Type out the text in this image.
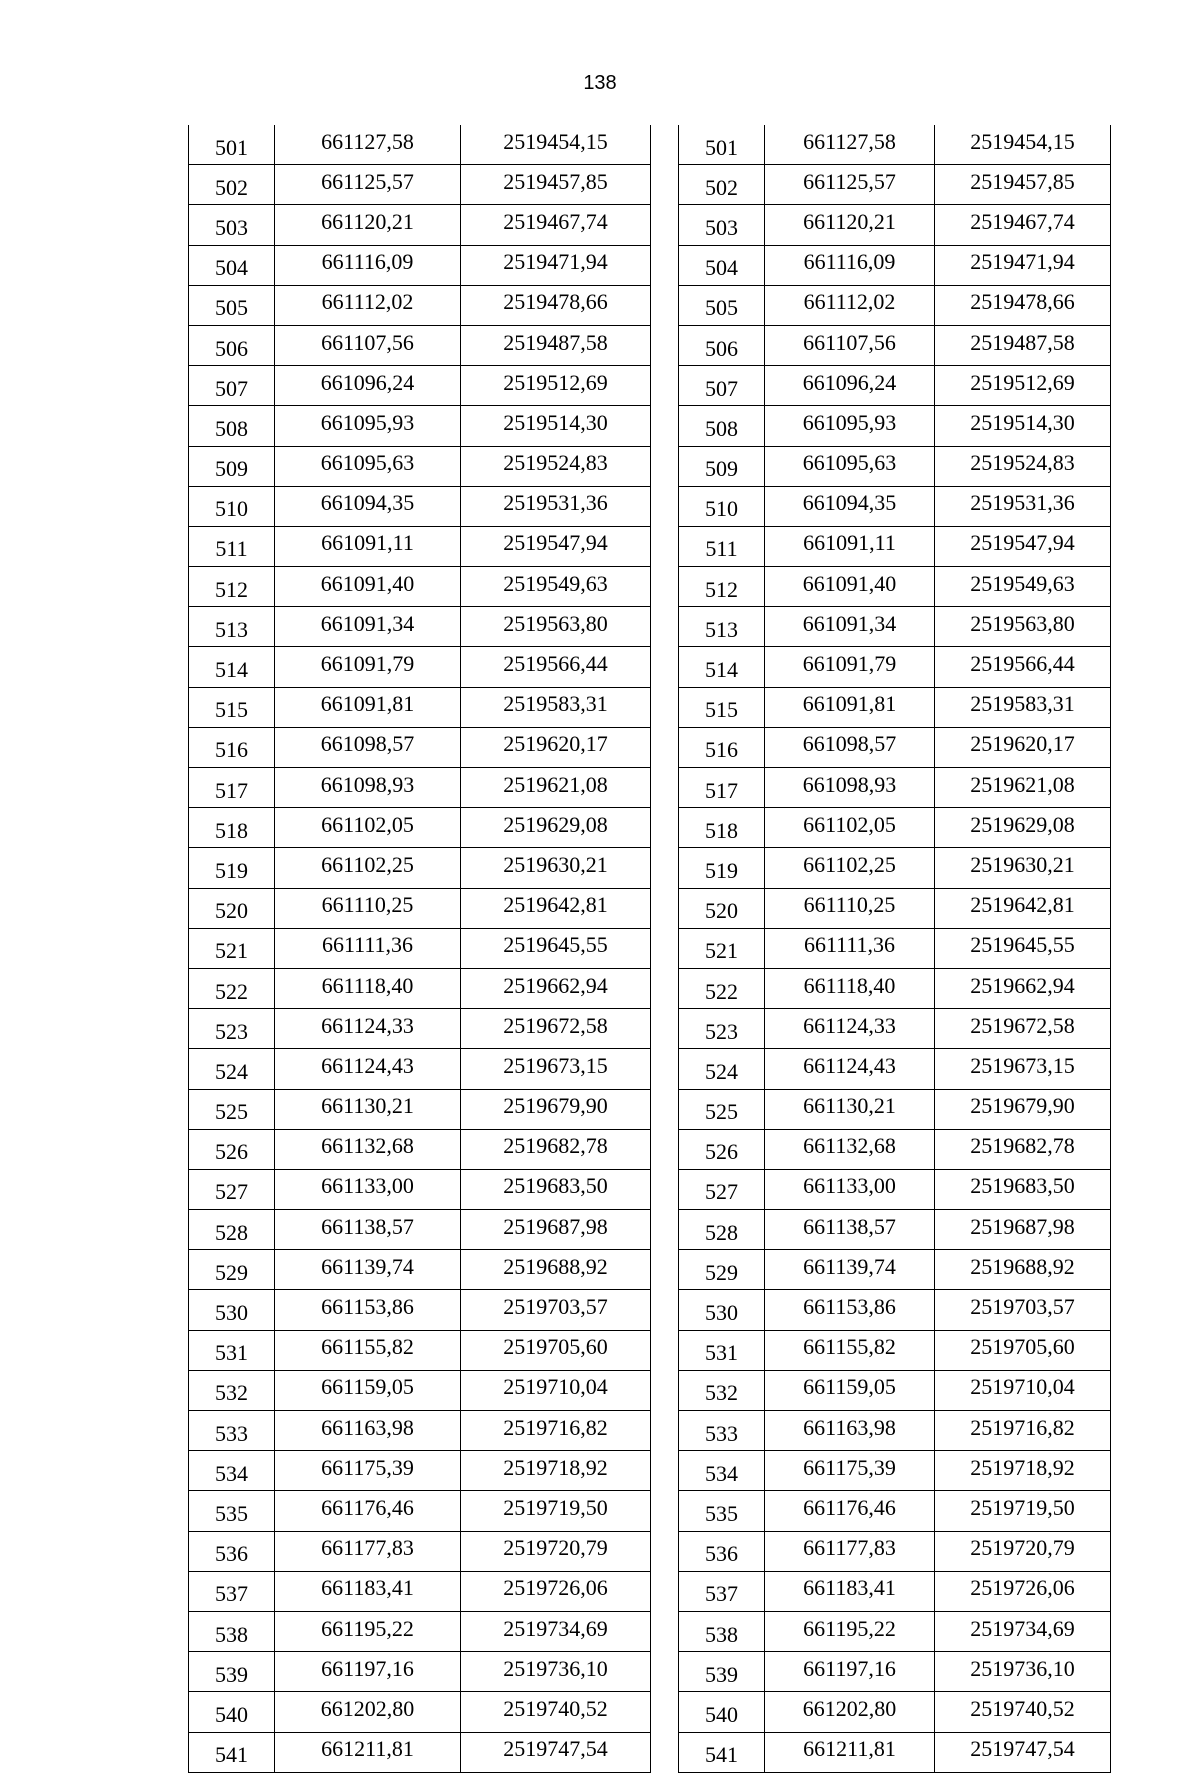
138
501	661127,58	2519454,15
502	661125,57	2519457,85
503	661120,21	2519467,74
504	661116,09	2519471,94
505	661112,02	2519478,66
506	661107,56	2519487,58
507	661096,24	2519512,69
508	661095,93	2519514,30
509	661095,63	2519524,83
510	661094,35	2519531,36
511	661091,11	2519547,94
512	661091,40	2519549,63
513	661091,34	2519563,80
514	661091,79	2519566,44
515	661091,81	2519583,31
516	661098,57	2519620,17
517	661098,93	2519621,08
518	661102,05	2519629,08
519	661102,25	2519630,21
520	661110,25	2519642,81
521	661111,36	2519645,55
522	661118,40	2519662,94
523	661124,33	2519672,58
524	661124,43	2519673,15
525	661130,21	2519679,90
526	661132,68	2519682,78
527	661133,00	2519683,50
528	661138,57	2519687,98
529	661139,74	2519688,92
530	661153,86	2519703,57
531	661155,82	2519705,60
532	661159,05	2519710,04
533	661163,98	2519716,82
534	661175,39	2519718,92
535	661176,46	2519719,50
536	661177,83	2519720,79
537	661183,41	2519726,06
538	661195,22	2519734,69
539	661197,16	2519736,10
540	661202,80	2519740,52
541	661211,81	2519747,54
501	661127,58	2519454,15
502	661125,57	2519457,85
503	661120,21	2519467,74
504	661116,09	2519471,94
505	661112,02	2519478,66
506	661107,56	2519487,58
507	661096,24	2519512,69
508	661095,93	2519514,30
509	661095,63	2519524,83
510	661094,35	2519531,36
511	661091,11	2519547,94
512	661091,40	2519549,63
513	661091,34	2519563,80
514	661091,79	2519566,44
515	661091,81	2519583,31
516	661098,57	2519620,17
517	661098,93	2519621,08
518	661102,05	2519629,08
519	661102,25	2519630,21
520	661110,25	2519642,81
521	661111,36	2519645,55
522	661118,40	2519662,94
523	661124,33	2519672,58
524	661124,43	2519673,15
525	661130,21	2519679,90
526	661132,68	2519682,78
527	661133,00	2519683,50
528	661138,57	2519687,98
529	661139,74	2519688,92
530	661153,86	2519703,57
531	661155,82	2519705,60
532	661159,05	2519710,04
533	661163,98	2519716,82
534	661175,39	2519718,92
535	661176,46	2519719,50
536	661177,83	2519720,79
537	661183,41	2519726,06
538	661195,22	2519734,69
539	661197,16	2519736,10
540	661202,80	2519740,52
541	661211,81	2519747,54
